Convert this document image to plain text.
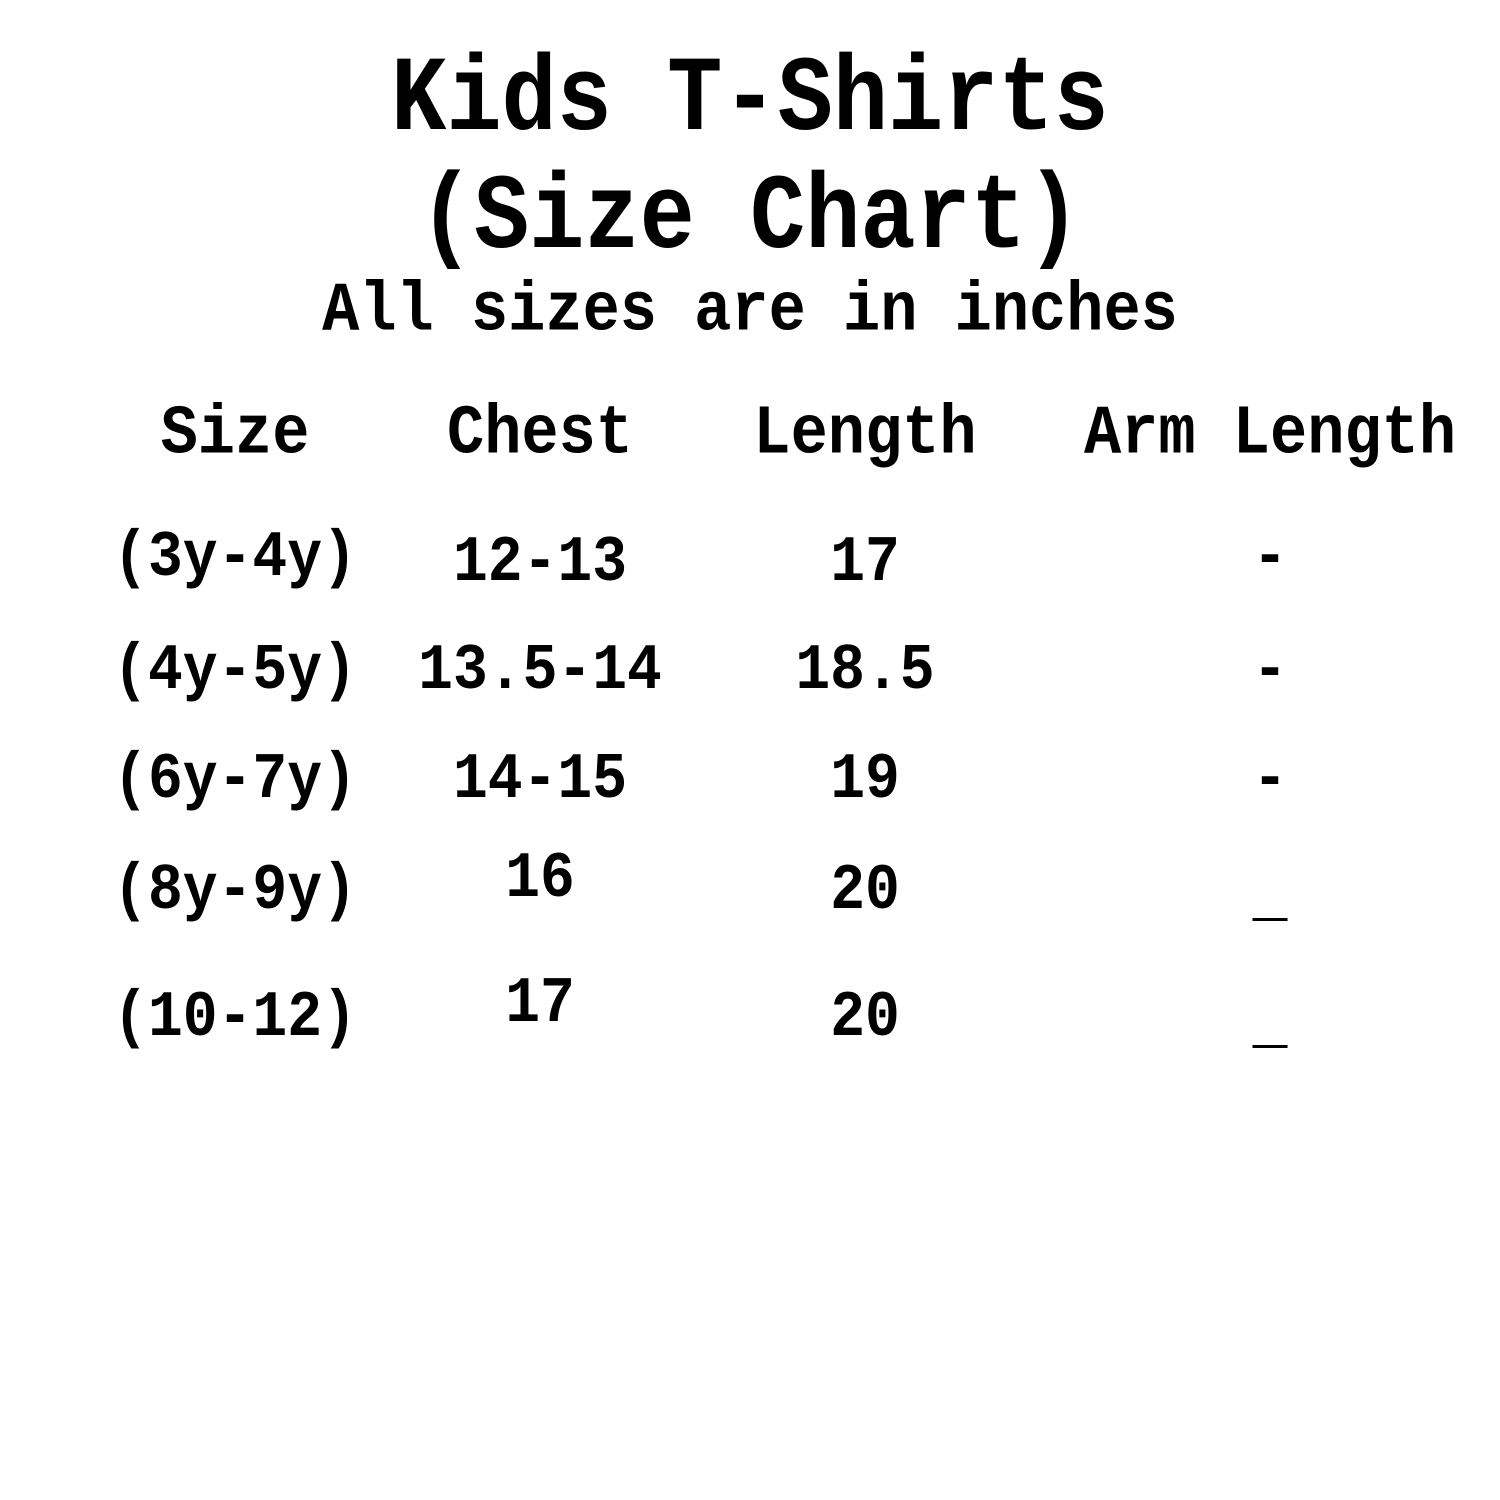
Kids T-Shirts
(Size Chart)
All sizes are in inches
Size	Chest	Length	Arm Length
(3y-4y)	12-13	17	-
(4y-5y)	13.5-14	18.5	-
(6y-7y)	14-15	19	-
(8y-9y)	16	20	_
(10-12)	17	20	_
